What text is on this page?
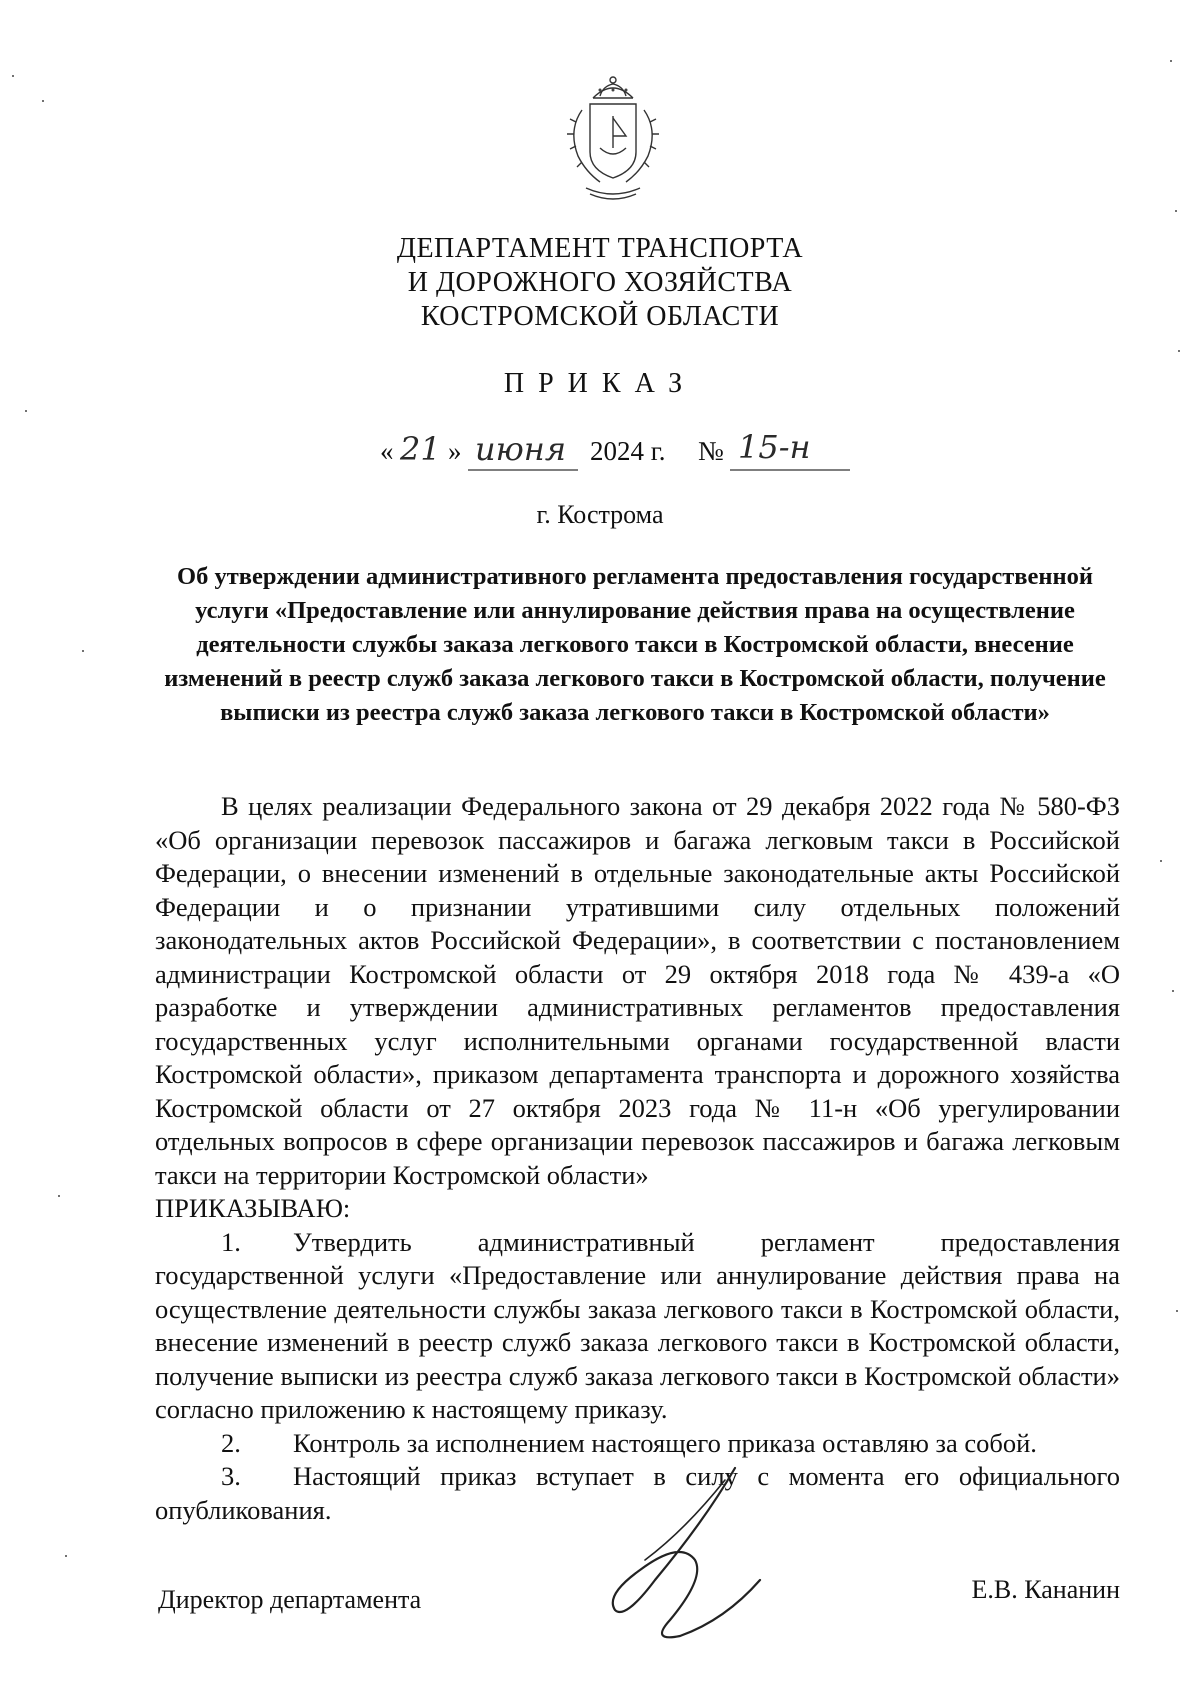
ДЕПАРТАМЕНТ ТРАНСПОРТА
И ДОРОЖНОГО ХОЗЯЙСТВА
КОСТРОМСКОЙ ОБЛАСТИ
ПРИКАЗ
« 21 » июня 2024 г. № 15-н
г. Кострома
Об утверждении административного регламента предоставления государственной услуги «Предоставление или аннулирование действия права на осуществление деятельности службы заказа легкового такси в Костромской области, внесение изменений в реестр служб заказа легкового такси в Костромской области, получение выписки из реестра служб заказа легкового такси в Костромской области»

В целях реализации Федерального закона от 29 декабря 2022 года № 580-ФЗ «Об организации перевозок пассажиров и багажа легковым такси в Российской Федерации, о внесении изменений в отдельные законодательные акты Российской Федерации и о признании утратившими силу отдельных положений законодательных актов Российской Федерации», в соответствии с постановлением администрации Костромской области от 29 октября 2018 года № 439-а «О разработке и утверждении административных регламентов предоставления государственных услуг исполнительными органами государственной власти Костромской области», приказом департамента транспорта и дорожного хозяйства Костромской области от 27 октября 2023 года № 11-н «Об урегулировании отдельных вопросов в сфере организации перевозок пассажиров и багажа легковым такси на территории Костромской области»

ПРИКАЗЫВАЮ:

1. Утвердить административный регламент предоставления государственной услуги «Предоставление или аннулирование действия права на осуществление деятельности службы заказа легкового такси в Костромской области, внесение изменений в реестр служб заказа легкового такси в Костромской области, получение выписки из реестра служб заказа легкового такси в Костромской области» согласно приложению к настоящему приказу.

2. Контроль за исполнением настоящего приказа оставляю за собой.

3. Настоящий приказ вступает в силу с момента его официального опубликования.

Директор департамента	Е.В. Кананин
